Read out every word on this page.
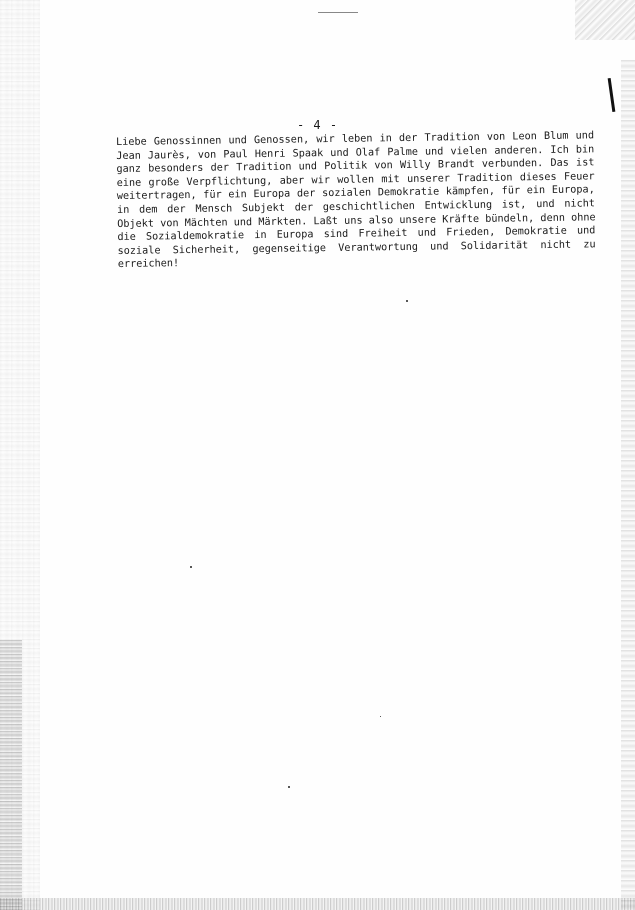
- 4 -
Liebe Genossinnen und Genossen, wir leben in der Tradition von Leon Blum und
Jean Jaurès, von Paul Henri Spaak und Olaf Palme und vielen anderen. Ich bin
ganz besonders der Tradition und Politik von Willy Brandt verbunden. Das ist
eine große Verpflichtung, aber wir wollen mit unserer Tradition dieses Feuer
weitertragen, für ein Europa der sozialen Demokratie kämpfen, für ein Europa,
in dem der Mensch Subjekt der geschichtlichen Entwicklung ist, und nicht
Objekt von Mächten und Märkten. Laßt uns also unsere Kräfte bündeln, denn ohne
die Sozialdemokratie in Europa sind Freiheit und Frieden, Demokratie und
soziale Sicherheit, gegenseitige Verantwortung und Solidarität nicht zu
erreichen!
